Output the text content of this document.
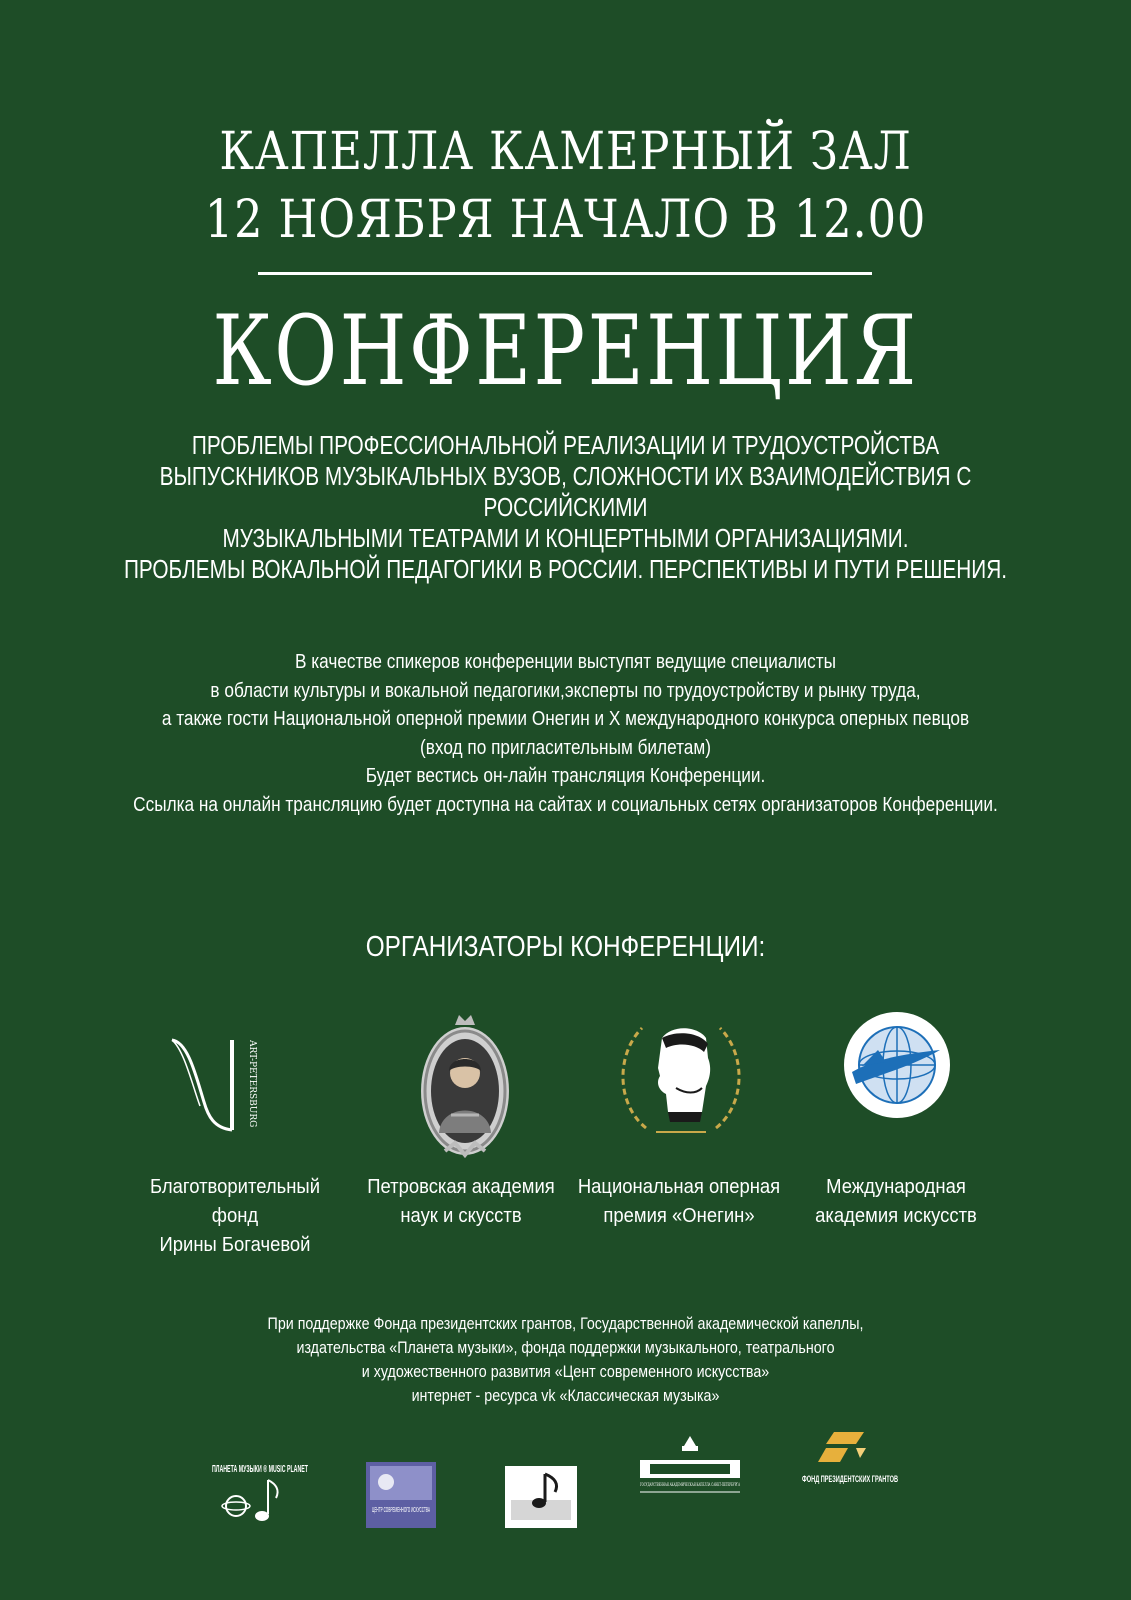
КАПЕЛЛА КАМЕРНЫЙ ЗАЛ
12 НОЯБРЯ НАЧАЛО В 12.00
КОНФЕРЕНЦИЯ
ПРОБЛЕМЫ ПРОФЕССИОНАЛЬНОЙ РЕАЛИЗАЦИИ И ТРУДОУСТРОЙСТВА
ВЫПУСКНИКОВ МУЗЫКАЛЬНЫХ ВУЗОВ, СЛОЖНОСТИ ИХ ВЗАИМОДЕЙСТВИЯ С РОССИЙСКИМИ
МУЗЫКАЛЬНЫМИ ТЕАТРАМИ И КОНЦЕРТНЫМИ ОРГАНИЗАЦИЯМИ.
ПРОБЛЕМЫ ВОКАЛЬНОЙ ПЕДАГОГИКИ В РОССИИ. ПЕРСПЕКТИВЫ И ПУТИ РЕШЕНИЯ.
В качестве спикеров конференции выступят ведущие специалисты
в области культуры и вокальной педагогики,эксперты по трудоустройству и рынку труда,
а также гости Национальной оперной премии Онегин и X международного конкурса оперных певцов
(вход по пригласительным билетам)
Будет вестись он-лайн трансляция Конференции.
Ссылка на онлайн трансляцию будет доступна на сайтах и социальных сетях организаторов Конференции.
ОРГАНИЗАТОРЫ КОНФЕРЕНЦИИ:
ART-PETERSBURG
Благотворительный фонд
Ирины Богачевой
Петровская академия
наук и скусств
Национальная оперная
премия «Онегин»
Международная
академия искусств
При поддержке Фонда президентских грантов, Государственной академической капеллы,
издательства «Планета музыки», фонда поддержки музыкального, театрального
и художественного развития «Цент современного искусства»
интернет - ресурса vk «Классическая музыка»
ПЛАНЕТА МУЗЫКИ ® MUSIC PLANET
ЦЕНТР СОВРЕМЕННОГО ИСКУССТВА
ГОСУДАРСТВЕННАЯ АКАДЕМИЧЕСКАЯ КАПЕЛЛА САНКТ-ПЕТЕРБУРГА
ФОНД ПРЕЗИДЕНТСКИХ ГРАНТОВ
